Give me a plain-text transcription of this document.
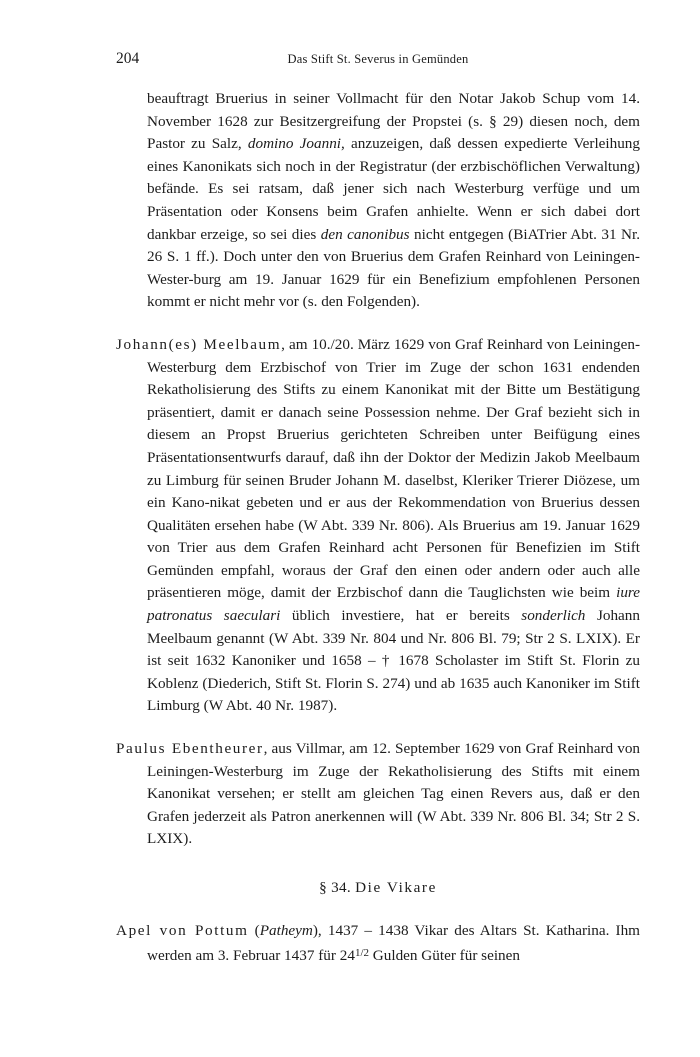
204	Das Stift St. Severus in Gemünden

beauftragt Bruerius in seiner Vollmacht für den Notar Jakob Schup vom 14. November 1628 zur Besitzergreifung der Propstei (s. § 29) diesen noch, dem Pastor zu Salz, domino Joanni, anzuzeigen, daß dessen expedierte Verleihung eines Kanonikats sich noch in der Registratur (der erzbischöflichen Verwaltung) befände. Es sei ratsam, daß jener sich nach Westerburg verfüge und um Präsentation oder Konsens beim Grafen anhielte. Wenn er sich dabei dort dankbar erzeige, so sei dies den canonibus nicht entgegen (BiATrier Abt. 31 Nr. 26 S. 1 ff.). Doch unter den von Bruerius dem Grafen Reinhard von Leiningen-Wester-burg am 19. Januar 1629 für ein Benefizium empfohlenen Personen kommt er nicht mehr vor (s. den Folgenden).

Johann(es) Meelbaum, am 10./20. März 1629 von Graf Reinhard von Leiningen-Westerburg dem Erzbischof von Trier im Zuge der schon 1631 endenden Rekatholisierung des Stifts zu einem Kanonikat mit der Bitte um Bestätigung präsentiert, damit er danach seine Possession nehme. Der Graf bezieht sich in diesem an Propst Bruerius gerichteten Schreiben unter Beifügung eines Präsentationsentwurfs darauf, daß ihn der Doktor der Medizin Jakob Meelbaum zu Limburg für seinen Bruder Johann M. daselbst, Kleriker Trierer Diözese, um ein Kano-nikat gebeten und er aus der Rekommendation von Bruerius dessen Qualitäten ersehen habe (W Abt. 339 Nr. 806). Als Bruerius am 19. Januar 1629 von Trier aus dem Grafen Reinhard acht Personen für Benefizien im Stift Gemünden empfahl, woraus der Graf den einen oder andern oder auch alle präsentieren möge, damit der Erzbischof dann die Tauglichsten wie beim iure patronatus saeculari üblich investiere, hat er bereits sonderlich Johann Meelbaum genannt (W Abt. 339 Nr. 804 und Nr. 806 Bl. 79; Str 2 S. LXIX). Er ist seit 1632 Kanoniker und 1658 – † 1678 Scholaster im Stift St. Florin zu Koblenz (Diederich, Stift St. Florin S. 274) und ab 1635 auch Kanoniker im Stift Limburg (W Abt. 40 Nr. 1987).

Paulus Ebentheurer, aus Villmar, am 12. September 1629 von Graf Reinhard von Leiningen-Westerburg im Zuge der Rekatholisierung des Stifts mit einem Kanonikat versehen; er stellt am gleichen Tag einen Revers aus, daß er den Grafen jederzeit als Patron anerkennen will (W Abt. 339 Nr. 806 Bl. 34; Str 2 S. LXIX).

§ 34. Die Vikare

Apel von Pottum (Patheym), 1437 – 1438 Vikar des Altars St. Katharina. Ihm werden am 3. Februar 1437 für $24^{1/2}$ Gulden Güter für seinen
